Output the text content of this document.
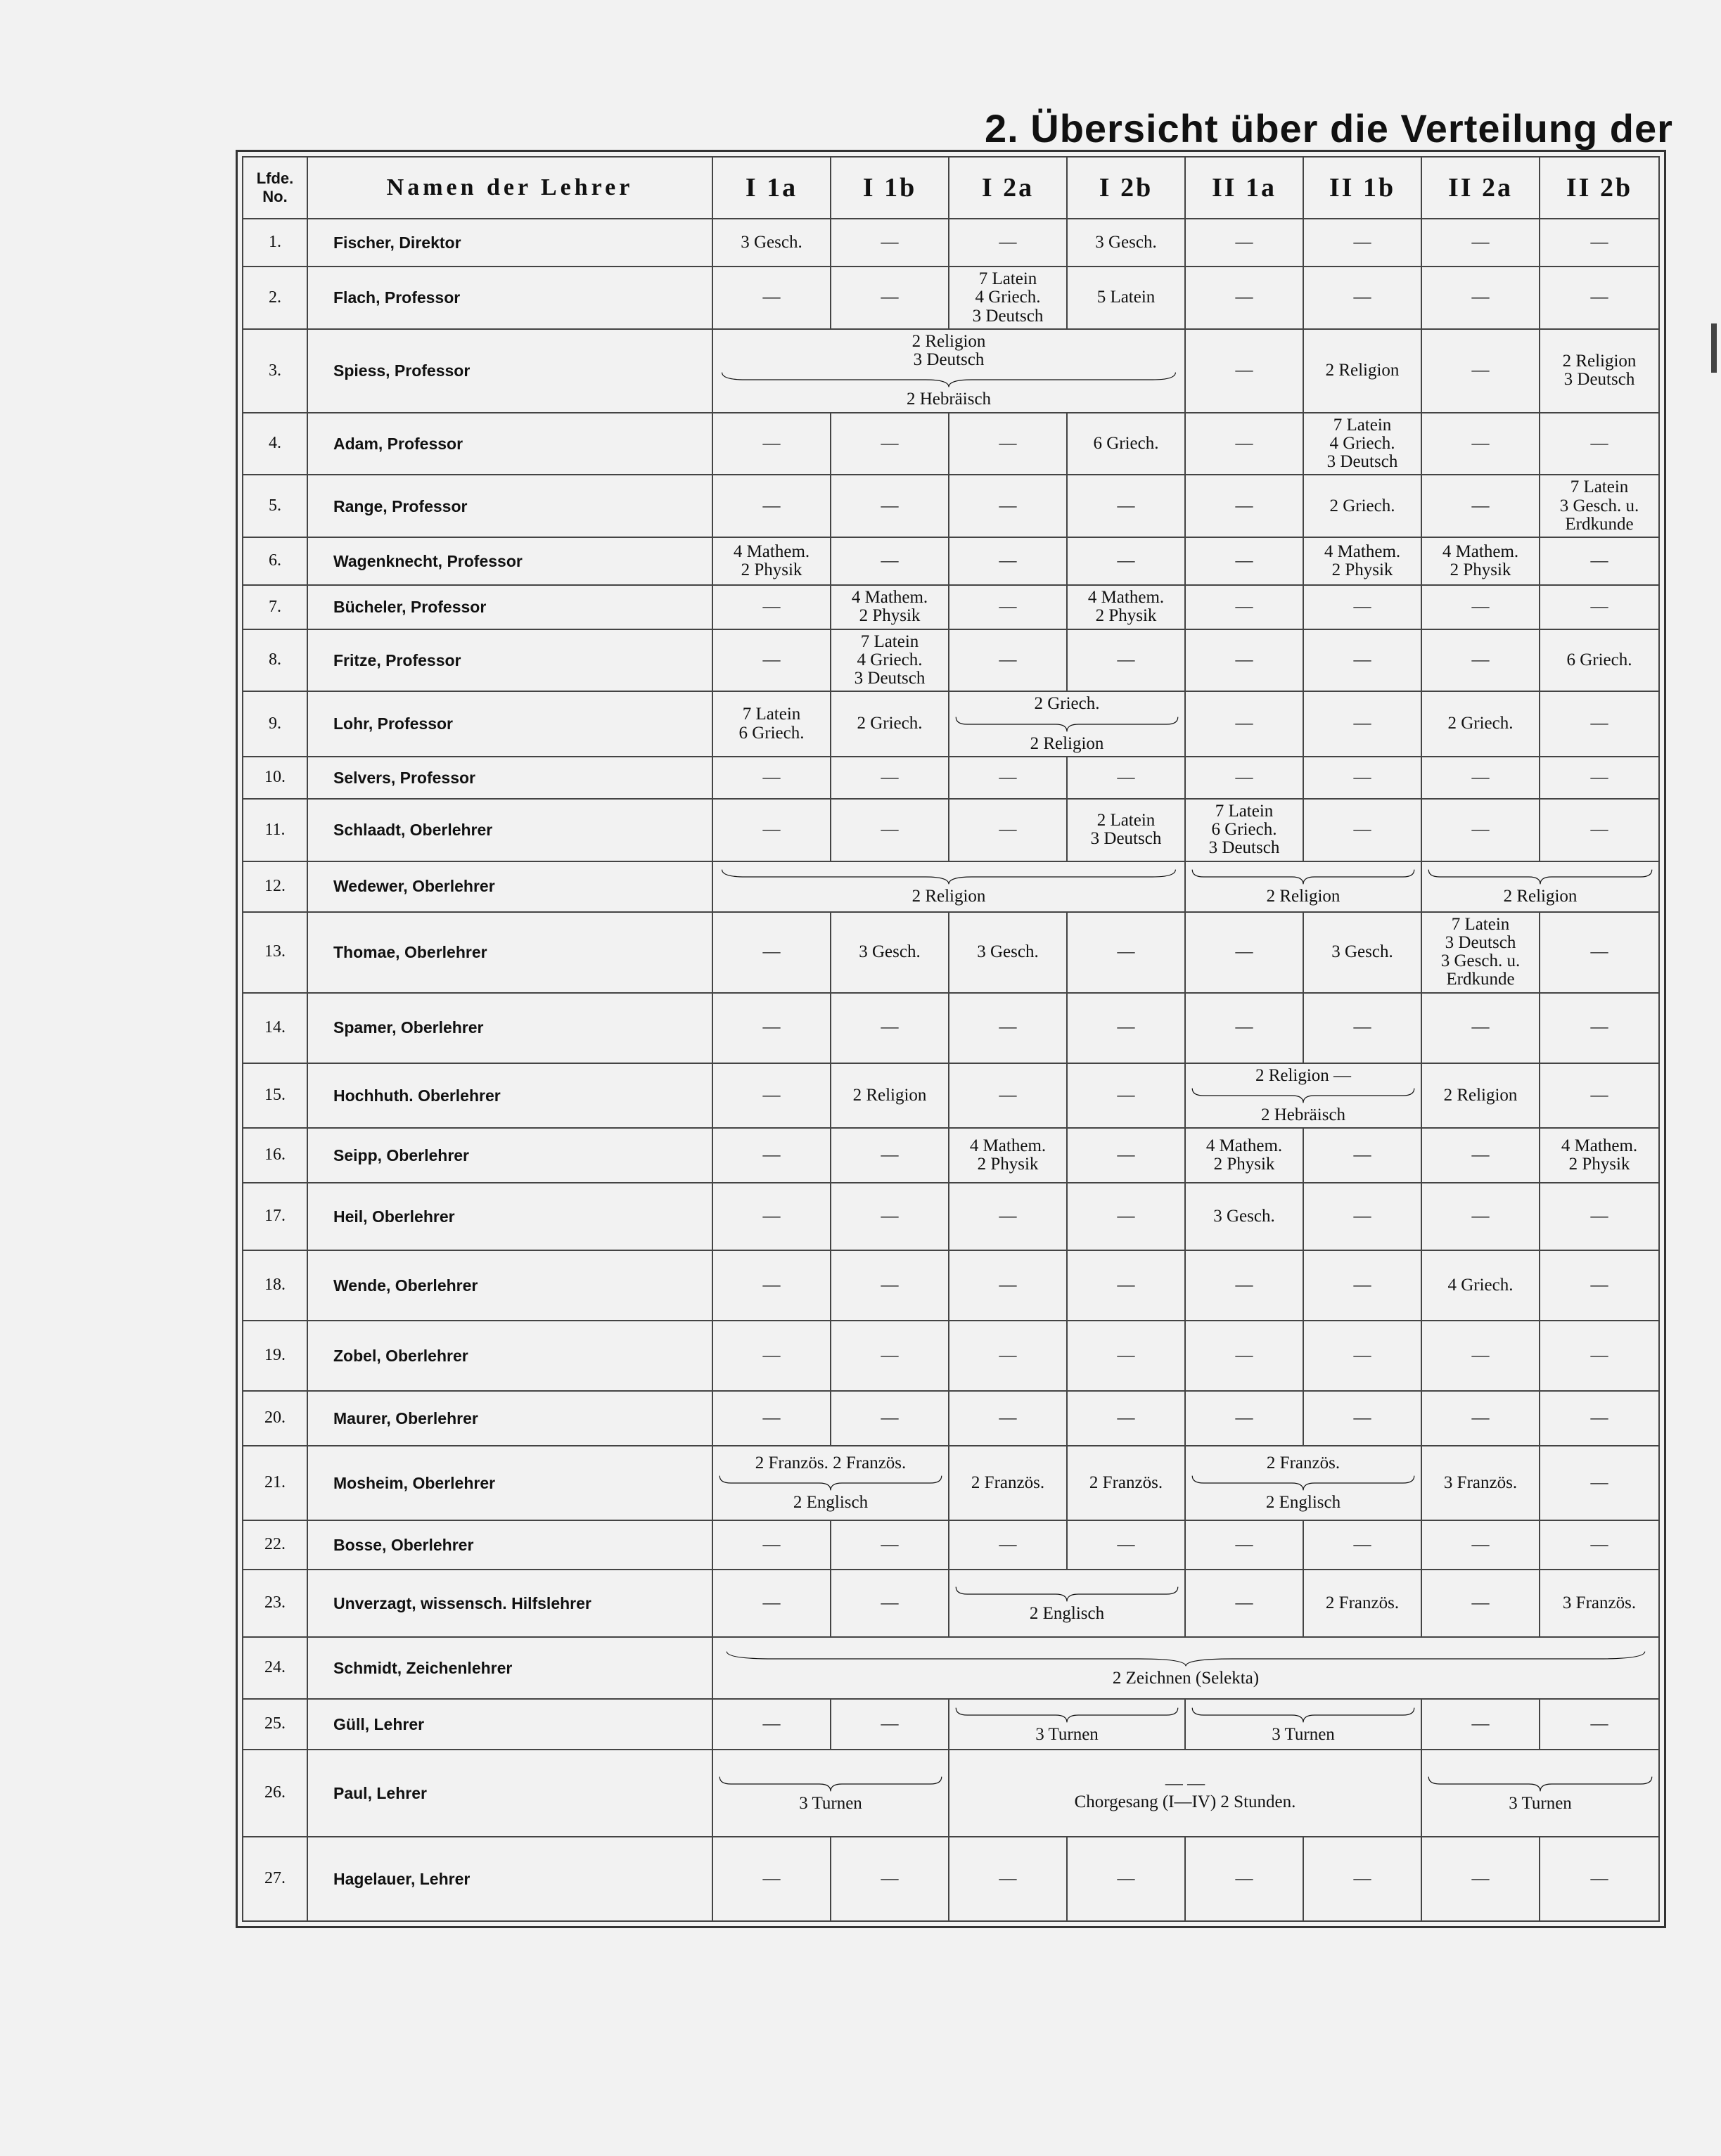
2. Übersicht über die Verteilung der
Lfde.
No.	Namen der Lehrer	I 1a	I 1b	I 2a	I 2b	II 1a	II 1b	II 2a	II 2b
1.	Fischer, Direktor	3 Gesch.	—	—	3 Gesch.	—	—	—	—

2.	Flach, Professor	—	—	7 Latein
4 Griech.
3 Deutsch	5 Latein	—	—	—	—

3.	Spiess, Professor	2 Religion
3 Deutsch
2 Hebräisch				—	2 Religion	—	2 Religion
3 Deutsch

4.	Adam, Professor	—	—	—	6 Griech.	—	7 Latein
4 Griech.
3 Deutsch	—	—

5.	Range, Professor	—	—	—	—	—	2 Griech.	—	7 Latein
3 Gesch. u.
Erdkunde

6.	Wagenknecht, Professor	4 Mathem.
2 Physik	—	—	—	—	4 Mathem.
2 Physik	4 Mathem.
2 Physik	—

7.	Bücheler, Professor	—	4 Mathem.
2 Physik	—	4 Mathem.
2 Physik	—	—	—	—

8.	Fritze, Professor	—	7 Latein
4 Griech.
3 Deutsch	—	—	—	—	—	6 Griech.

9.	Lohr, Professor	7 Latein
6 Griech.	2 Griech.	2 Griech.
2 Religion		—	—	2 Griech.	—

10.	Selvers, Professor	—	—	—	—	—	—	—	—

11.	Schlaadt, Oberlehrer	—	—	—	2 Latein
3 Deutsch	7 Latein
6 Griech.
3 Deutsch	—	—	—

12.	Wedewer, Oberlehrer	2 Religion				2 Religion		2 Religion	

13.	Thomae, Oberlehrer	—	3 Gesch.	3 Gesch.	—	—	3 Gesch.	7 Latein
3 Deutsch
3 Gesch. u.
Erdkunde	—

14.	Spamer, Oberlehrer	—	—	—	—	—	—	—	—

15.	Hochhuth. Oberlehrer	—	2 Religion	—	—	2 Religion —
2 Hebräisch		2 Religion	—

16.	Seipp, Oberlehrer	—	—	4 Mathem.
2 Physik	—	4 Mathem.
2 Physik	—	—	4 Mathem.
2 Physik

17.	Heil, Oberlehrer	—	—	—	—	3 Gesch.	—	—	—

18.	Wende, Oberlehrer	—	—	—	—	—	—	4 Griech.	—

19.	Zobel, Oberlehrer	—	—	—	—	—	—	—	—

20.	Maurer, Oberlehrer	—	—	—	—	—	—	—	—

21.	Mosheim, Oberlehrer	2 Französ. 2 Französ.
2 Englisch		2 Französ.	2 Französ.	2 Französ.
2 Englisch		3 Französ.	—

22.	Bosse, Oberlehrer	—	—	—	—	—	—	—	—

23.	Unverzagt, wissensch. Hilfslehrer	—	—	2 Englisch		—	2 Französ.	—	3 Französ.

24.	Schmidt, Zeichenlehrer	2 Zeichnen (Selekta)							

25.	Güll, Lehrer	—	—	3 Turnen		3 Turnen		—	—

26.	Paul, Lehrer	3 Turnen		— —
Chorgesang (I—IV) 2 Stunden.				3 Turnen	

27.	Hagelauer, Lehrer	—	—	—	—	—	—	—	—
